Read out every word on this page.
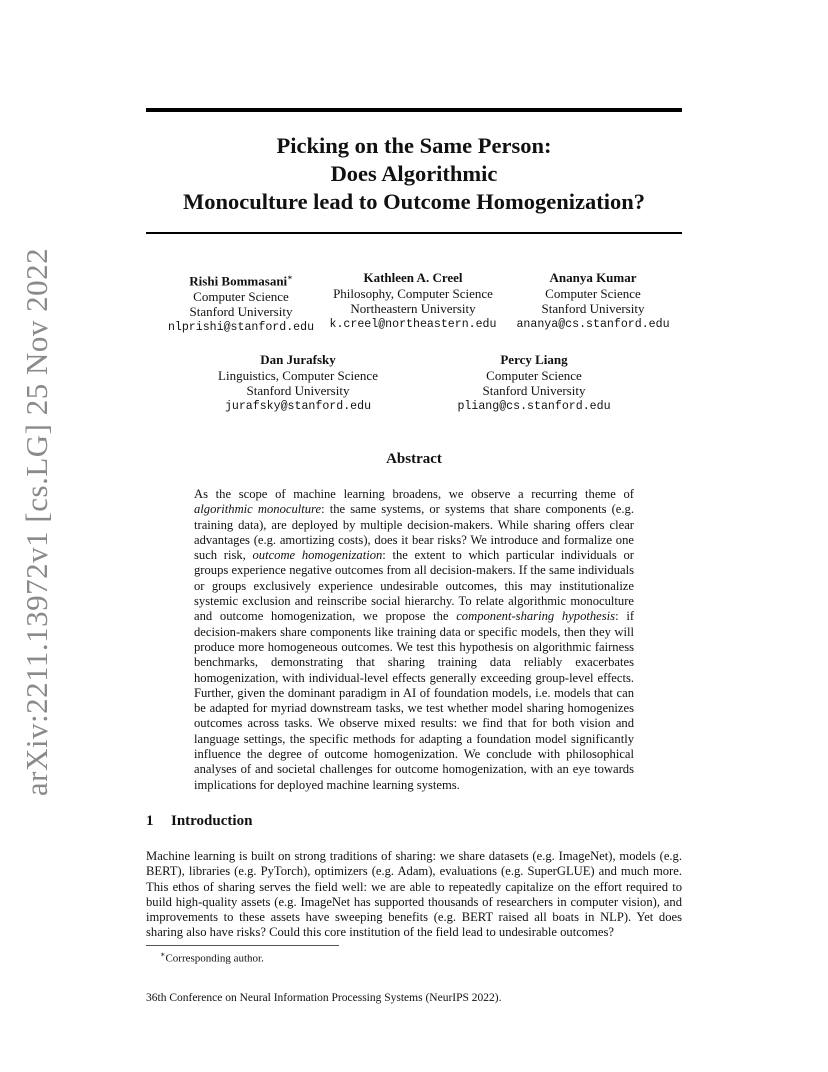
arXiv:2211.13972v1 [cs.LG] 25 Nov 2022
Picking on the Same Person:
Does Algorithmic
Monoculture lead to Outcome Homogenization?
Rishi Bommasani∗
Computer Science
Stanford University
nlprishi@stanford.edu
Kathleen A. Creel
Philosophy, Computer Science
Northeastern University
k.creel@northeastern.edu
Ananya Kumar
Computer Science
Stanford University
ananya@cs.stanford.edu
Dan Jurafsky
Linguistics, Computer Science
Stanford University
jurafsky@stanford.edu
Percy Liang
Computer Science
Stanford University
pliang@cs.stanford.edu
Abstract
As the scope of machine learning broadens, we observe a recurring theme of algorithmic monoculture: the same systems, or systems that share components (e.g. training data), are deployed by multiple decision-makers. While sharing offers clear advantages (e.g. amortizing costs), does it bear risks? We introduce and formalize one such risk, outcome homogenization: the extent to which particular individuals or groups experience negative outcomes from all decision-makers. If the same individuals or groups exclusively experience undesirable outcomes, this may institutionalize systemic exclusion and reinscribe social hierarchy. To relate algorithmic monoculture and outcome homogenization, we propose the component-sharing hypothesis: if decision-makers share components like training data or specific models, then they will produce more homogeneous outcomes. We test this hypothesis on algorithmic fairness benchmarks, demonstrating that sharing training data reliably exacerbates homogenization, with individual-level effects generally exceeding group-level effects. Further, given the dominant paradigm in AI of foundation models, i.e. models that can be adapted for myriad downstream tasks, we test whether model sharing homogenizes outcomes across tasks. We observe mixed results: we find that for both vision and language settings, the specific methods for adapting a foundation model significantly influence the degree of outcome homogenization. We conclude with philosophical analyses of and societal challenges for outcome homogenization, with an eye towards implications for deployed machine learning systems.
1 Introduction
Machine learning is built on strong traditions of sharing: we share datasets (e.g. ImageNet), models (e.g. BERT), libraries (e.g. PyTorch), optimizers (e.g. Adam), evaluations (e.g. SuperGLUE) and much more. This ethos of sharing serves the field well: we are able to repeatedly capitalize on the effort required to build high-quality assets (e.g. ImageNet has supported thousands of researchers in computer vision), and improvements to these assets have sweeping benefits (e.g. BERT raised all boats in NLP). Yet does sharing also have risks? Could this core institution of the field lead to undesirable outcomes?
∗Corresponding author.
36th Conference on Neural Information Processing Systems (NeurIPS 2022).
